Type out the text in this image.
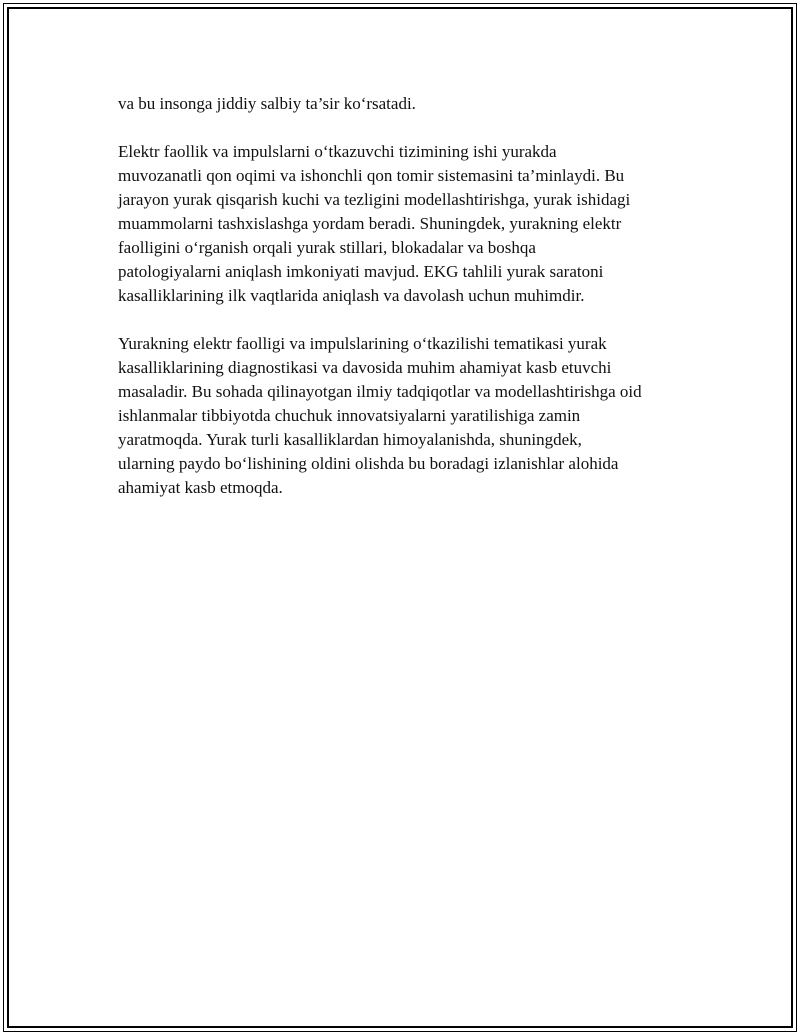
va bu insonga jiddiy salbiy ta’sir ko‘rsatadi.

Elektr faollik va impulslarni o‘tkazuvchi tizimining ishi yurakda
muvozanatli qon oqimi va ishonchli qon tomir sistemasini ta’minlaydi. Bu
jarayon yurak qisqarish kuchi va tezligini modellashtirishga, yurak ishidagi
muammolarni tashxislashga yordam beradi. Shuningdek, yurakning elektr
faolligini o‘rganish orqali yurak stillari, blokadalar va boshqa
patologiyalarni aniqlash imkoniyati mavjud. EKG tahlili yurak saratoni
kasalliklarining ilk vaqtlarida aniqlash va davolash uchun muhimdir.

Yurakning elektr faolligi va impulslarining o‘tkazilishi tematikasi yurak
kasalliklarining diagnostikasi va davosida muhim ahamiyat kasb etuvchi
masaladir. Bu sohada qilinayotgan ilmiy tadqiqotlar va modellashtirishga oid
ishlanmalar tibbiyotda chuchuk innovatsiyalarni yaratilishiga zamin
yaratmoqda. Yurak turli kasalliklardan himoyalanishda, shuningdek,
ularning paydo bo‘lishining oldini olishda bu boradagi izlanishlar alohida
ahamiyat kasb etmoqda.
